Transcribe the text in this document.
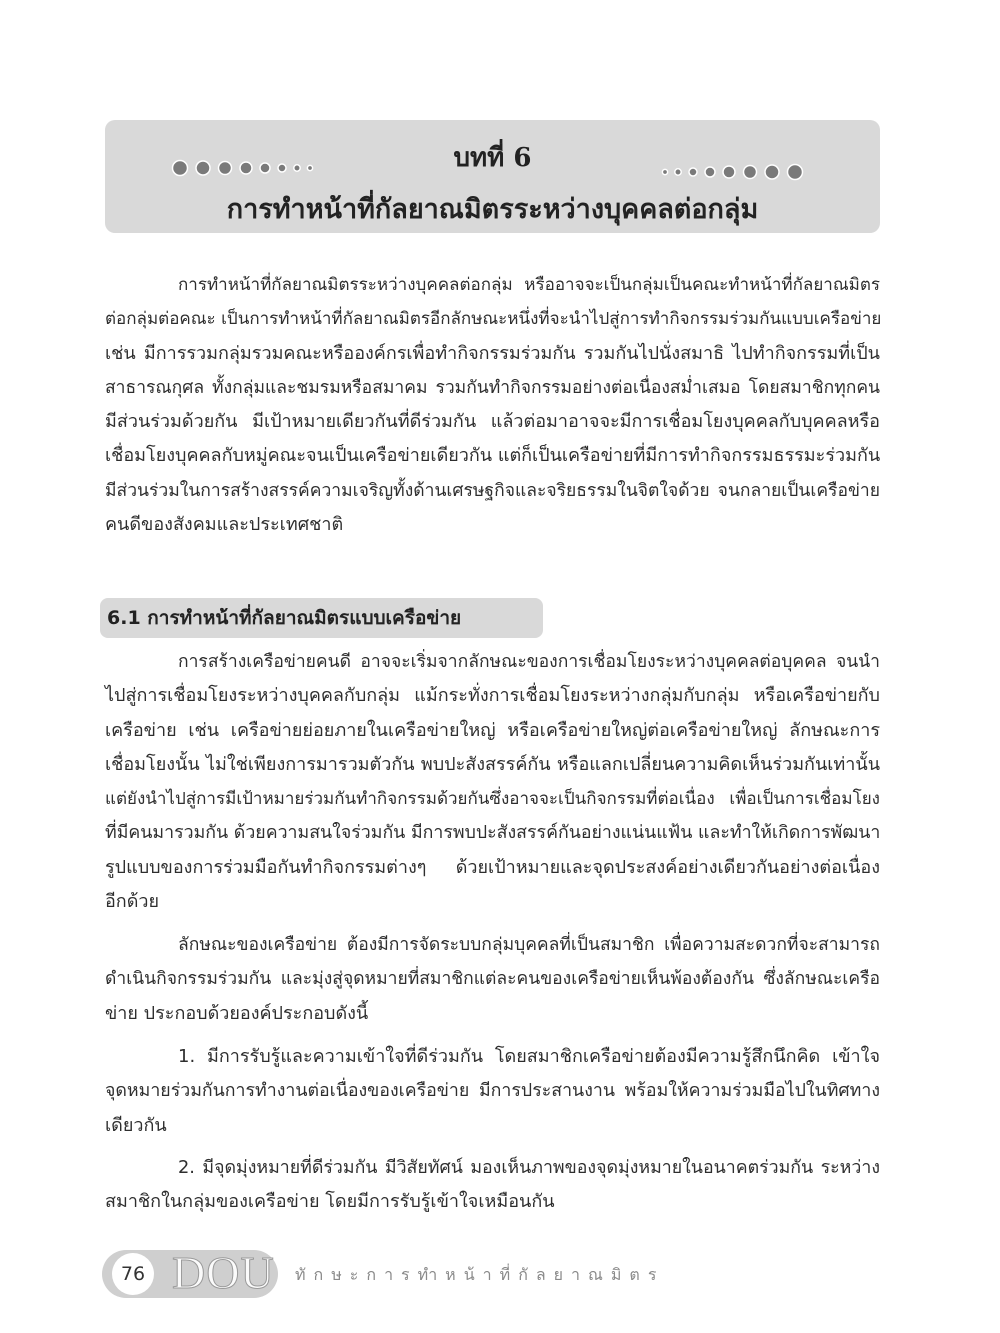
บทที่ 6
การทำหน้าที่กัลยาณมิตรระหว่างบุคคลต่อกลุ่ม
การทำหน้าที่กัลยาณมิตรระหว่างบุคคลต่อกลุ่ม หรืออาจจะเป็นกลุ่มเป็นคณะทำหน้าที่กัลยาณมิตร
ต่อกลุ่มต่อคณะ เป็นการทำหน้าที่กัลยาณมิตรอีกลักษณะหนึ่งที่จะนำไปสู่การทำกิจกรรมร่วมกันแบบเครือข่าย
เช่น มีการรวมกลุ่มรวมคณะหรือองค์กรเพื่อทำกิจกรรมร่วมกัน รวมกันไปนั่งสมาธิ ไปทำกิจกรรมที่เป็น
สาธารณกุศล ทั้งกลุ่มและชมรมหรือสมาคม รวมกันทำกิจกรรมอย่างต่อเนื่องสม่ำเสมอ โดยสมาชิกทุกคน
มีส่วนร่วมด้วยกัน มีเป้าหมายเดียวกันที่ดีร่วมกัน แล้วต่อมาอาจจะมีการเชื่อมโยงบุคคลกับบุคคลหรือ
เชื่อมโยงบุคคลกับหมู่คณะจนเป็นเครือข่ายเดียวกัน แต่ก็เป็นเครือข่ายที่มีการทำกิจกรรมธรรมะร่วมกัน
มีส่วนร่วมในการสร้างสรรค์ความเจริญทั้งด้านเศรษฐกิจและจริยธรรมในจิตใจด้วย จนกลายเป็นเครือข่าย
คนดีของสังคมและประเทศชาติ
6.1 การทำหน้าที่กัลยาณมิตรแบบเครือข่าย
การสร้างเครือข่ายคนดี อาจจะเริ่มจากลักษณะของการเชื่อมโยงระหว่างบุคคลต่อบุคคล จนนำ
ไปสู่การเชื่อมโยงระหว่างบุคคลกับกลุ่ม แม้กระทั่งการเชื่อมโยงระหว่างกลุ่มกับกลุ่ม หรือเครือข่ายกับ
เครือข่าย เช่น เครือข่ายย่อยภายในเครือข่ายใหญ่ หรือเครือข่ายใหญ่ต่อเครือข่ายใหญ่ ลักษณะการ
เชื่อมโยงนั้น ไม่ใช่เพียงการมารวมตัวกัน พบปะสังสรรค์กัน หรือแลกเปลี่ยนความคิดเห็นร่วมกันเท่านั้น
แต่ยังนำไปสู่การมีเป้าหมายร่วมกันทำกิจกรรมด้วยกันซึ่งอาจจะเป็นกิจกรรมที่ต่อเนื่อง เพื่อเป็นการเชื่อมโยง
ที่มีคนมารวมกัน ด้วยความสนใจร่วมกัน มีการพบปะสังสรรค์กันอย่างแน่นแฟ้น และทำให้เกิดการพัฒนา
รูปแบบของการร่วมมือกันทำกิจกรรมต่างๆ ด้วยเป้าหมายและจุดประสงค์อย่างเดียวกันอย่างต่อเนื่อง
อีกด้วย
ลักษณะของเครือข่าย ต้องมีการจัดระบบกลุ่มบุคคลที่เป็นสมาชิก เพื่อความสะดวกที่จะสามารถ
ดำเนินกิจกรรมร่วมกัน และมุ่งสู่จุดหมายที่สมาชิกแต่ละคนของเครือข่ายเห็นพ้องต้องกัน ซึ่งลักษณะเครือ
ข่าย ประกอบด้วยองค์ประกอบดังนี้
1. มีการรับรู้และความเข้าใจที่ดีร่วมกัน โดยสมาชิกเครือข่ายต้องมีความรู้สึกนึกคิด เข้าใจ
จุดหมายร่วมกันการทำงานต่อเนื่องของเครือข่าย มีการประสานงาน พร้อมให้ความร่วมมือไปในทิศทาง
เดียวกัน
2. มีจุดมุ่งหมายที่ดีร่วมกัน มีวิสัยทัศน์ มองเห็นภาพของจุดมุ่งหมายในอนาคตร่วมกัน ระหว่าง
สมาชิกในกลุ่มของเครือข่าย โดยมีการรับรู้เข้าใจเหมือนกัน
76 DOU ทักษะการทำหน้าที่กัลยาณมิตร
